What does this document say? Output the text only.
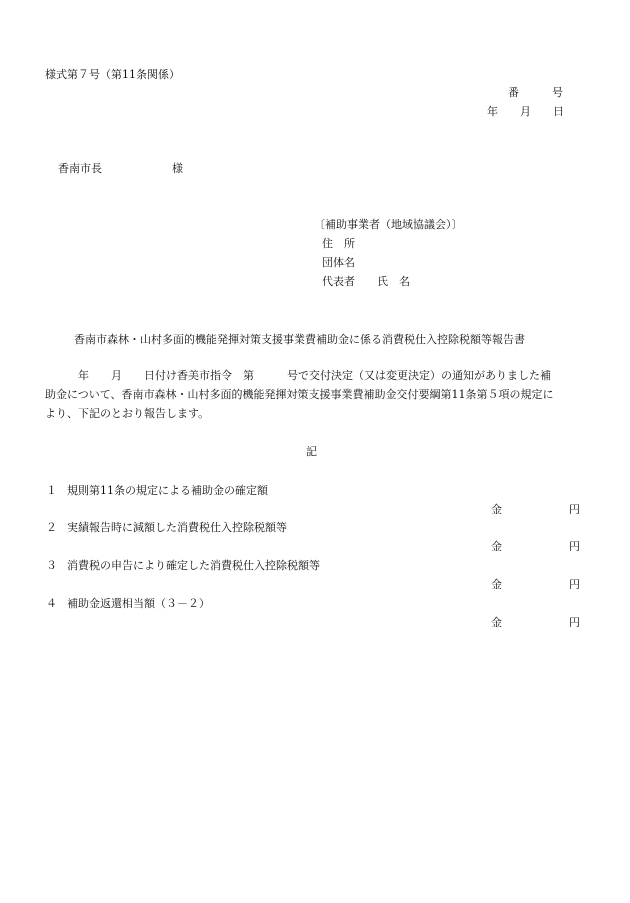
様式第７号（第11条関係）
番　　　号
年　　月　　日
香南市長	様
〔補助事業者（地域協議会）〕
住　所
団体名
代表者　　氏　名
香南市森林・山村多面的機能発揮対策支援事業費補助金に係る消費税仕入控除税額等報告書
年　　月　　日付け香美市指令　第　　　号で交付決定（又は変更決定）の通知がありました補
助金について、香南市森林・山村多面的機能発揮対策支援事業費補助金交付要綱第11条第５項の規定に
より、下記のとおり報告します。
記
１ 規則第11条の規定による補助金の確定額
金	円
２ 実績報告時に減額した消費税仕入控除税額等
金	円
３ 消費税の申告により確定した消費税仕入控除税額等
金	円
４ 補助金返還相当額（３－２）
金	円
